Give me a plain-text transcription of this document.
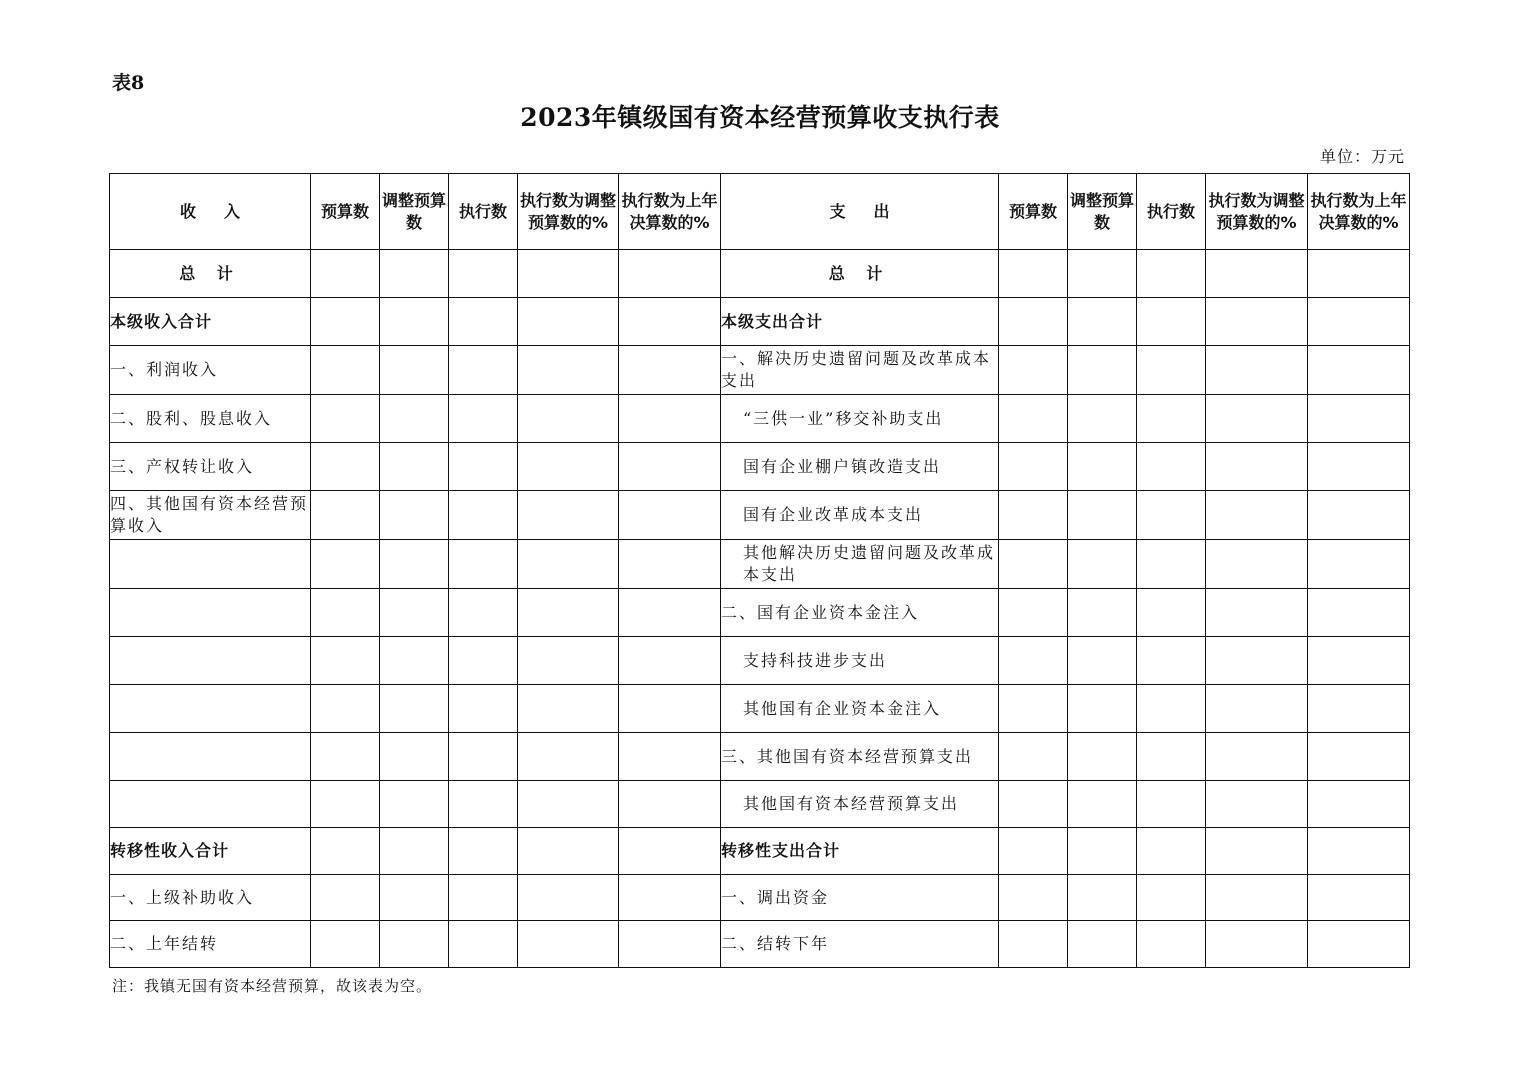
表8
2023年镇级国有资本经营预算收支执行表
单位：万元
收入	预算数	调整预算数	执行数	执行数为调整预算数的%	执行数为上年决算数的%	支出	预算数	调整预算数	执行数	执行数为调整预算数的%	执行数为上年决算数的%
总 计						总 计					
本级收入合计						本级支出合计					
一、利润收入						一、解决历史遗留问题及改革成本支出					
二、股利、股息收入						“三供一业”移交补助支出					
三、产权转让收入						国有企业棚户镇改造支出					
四、其他国有资本经营预算收入						国有企业改革成本支出					
						其他解决历史遗留问题及改革成本支出					
						二、国有企业资本金注入					
						支持科技进步支出					
						其他国有企业资本金注入					
						三、其他国有资本经营预算支出					
						其他国有资本经营预算支出					
转移性收入合计						转移性支出合计					
一、上级补助收入						一、调出资金					
二、上年结转						二、结转下年					
注：我镇无国有资本经营预算，故该表为空。
